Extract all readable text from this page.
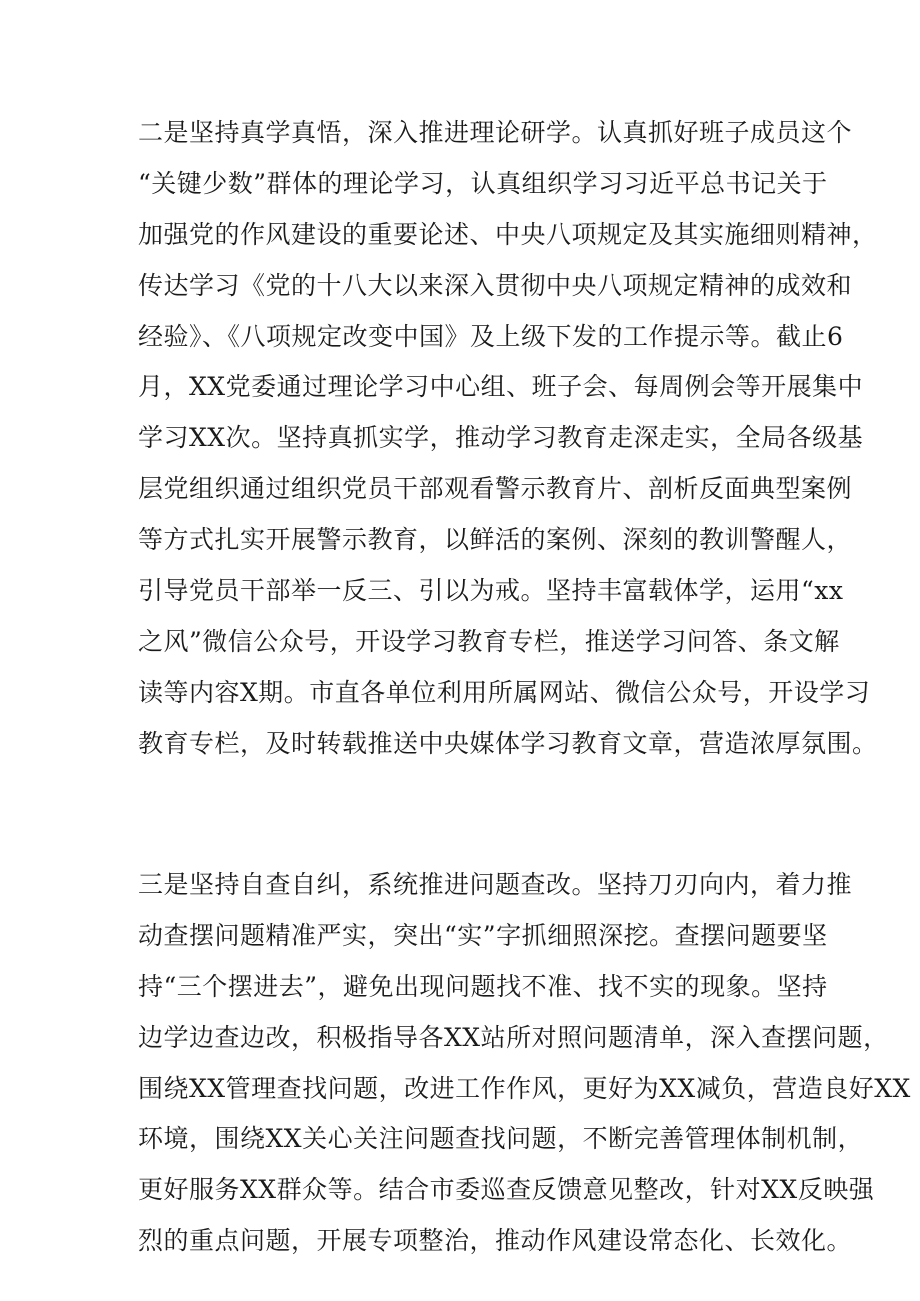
二是坚持真学真悟，深入推进理论研学。认真抓好班子成员这个
“关键少数”群体的理论学习，认真组织学习习近平总书记关于
加强党的作风建设的重要论述、中央八项规定及其实施细则精神，
传达学习《党的十八大以来深入贯彻中央八项规定精神的成效和
经验》、《八项规定改变中国》及上级下发的工作提示等。截止6
月，XX党委通过理论学习中心组、班子会、每周例会等开展集中
学习XX次。坚持真抓实学，推动学习教育走深走实，全局各级基
层党组织通过组织党员干部观看警示教育片、剖析反面典型案例
等方式扎实开展警示教育，以鲜活的案例、深刻的教训警醒人，
引导党员干部举一反三、引以为戒。坚持丰富载体学，运用“xx
之风”微信公众号，开设学习教育专栏，推送学习问答、条文解
读等内容X期。市直各单位利用所属网站、微信公众号，开设学习
教育专栏，及时转载推送中央媒体学习教育文章，营造浓厚氛围。

三是坚持自查自纠，系统推进问题查改。坚持刀刃向内，着力推
动查摆问题精准严实，突出“实”字抓细照深挖。查摆问题要坚
持“三个摆进去”，避免出现问题找不准、找不实的现象。坚持
边学边查边改，积极指导各XX站所对照问题清单，深入查摆问题，
围绕XX管理查找问题，改进工作作风，更好为XX减负，营造良好XX
环境，围绕XX关心关注问题查找问题，不断完善管理体制机制，
更好服务XX群众等。结合市委巡查反馈意见整改，针对XX反映强
烈的重点问题，开展专项整治，推动作风建设常态化、长效化。
